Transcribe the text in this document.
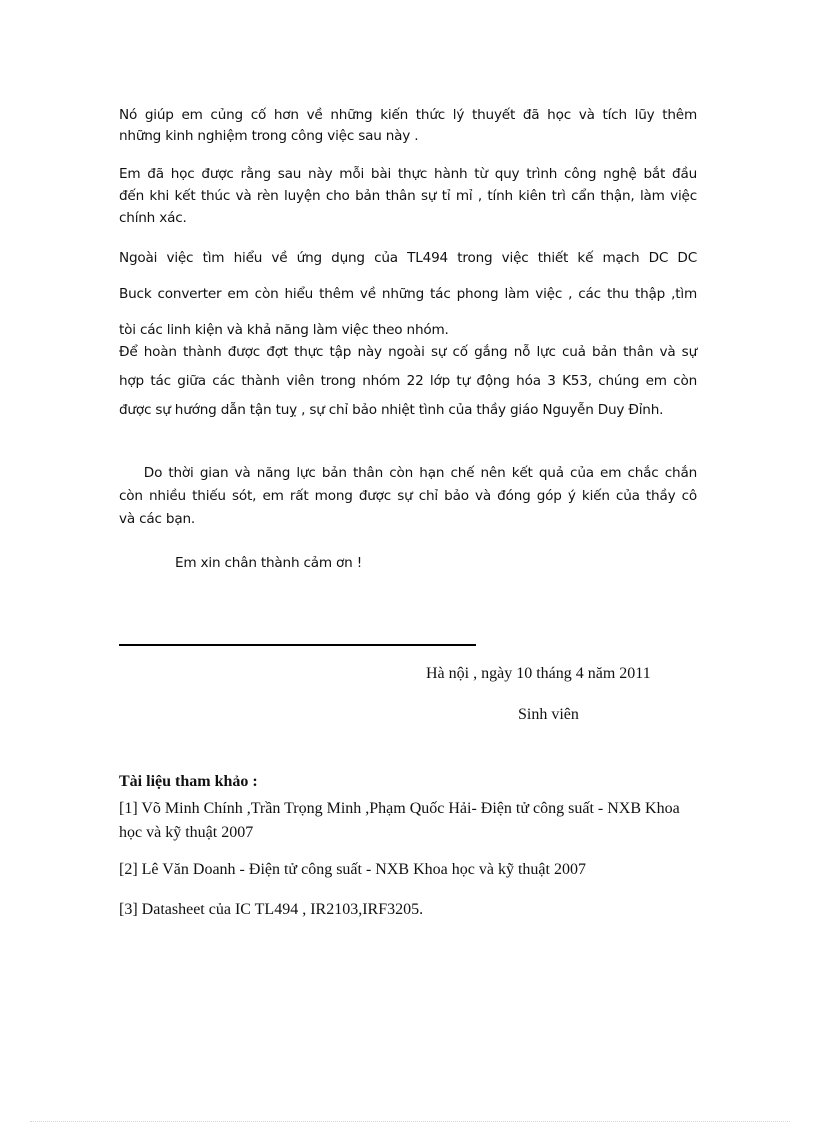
Nó giúp em củng cố hơn về những kiến thức lý thuyết đã học và tích lũy thêm
những kinh nghiệm trong công việc sau này .

Em đã học được rằng sau này mỗi bài thực hành từ quy trình công nghệ bắt đầu
đến khi kết thúc và rèn luyện cho bản thân sự tỉ mỉ , tính kiên trì cẩn thận, làm việc
chính xác.

Ngoài việc tìm hiểu về ứng dụng của TL494 trong việc thiết kế mạch DC DC
Buck converter em còn hiểu thêm về những tác phong làm việc , các thu thập ,tìm
tòi các linh kiện và khả năng làm việc theo nhóm.

Để hoàn thành được đợt thực tập này ngoài sự cố gắng nỗ lực cuả bản thân và sự
hợp tác giữa các thành viên trong nhóm 22 lớp tự động hóa 3 K53, chúng em còn
được sự hướng dẫn tận tuỵ , sự chỉ bảo nhiệt tình của thầy giáo Nguyễn Duy Đỉnh.

Do thời gian và năng lực bản thân còn hạn chế nên kết quả của em chắc chắn
còn nhiều thiếu sót, em rất mong được sự chỉ bảo và đóng góp ý kiến của thầy cô
và các bạn.

Em xin chân thành cảm ơn !

Hà nội , ngày 10 tháng 4 năm 2011

Sinh viên

Tài liệu tham khảo :

[1] Võ Minh Chính ,Trần Trọng Minh ,Phạm Quốc Hải- Điện tử công suất - NXB Khoa học và kỹ thuật 2007

[2] Lê Văn Doanh - Điện tử công suất - NXB Khoa học và kỹ thuật 2007

[3] Datasheet của IC TL494 , IR2103,IRF3205.
